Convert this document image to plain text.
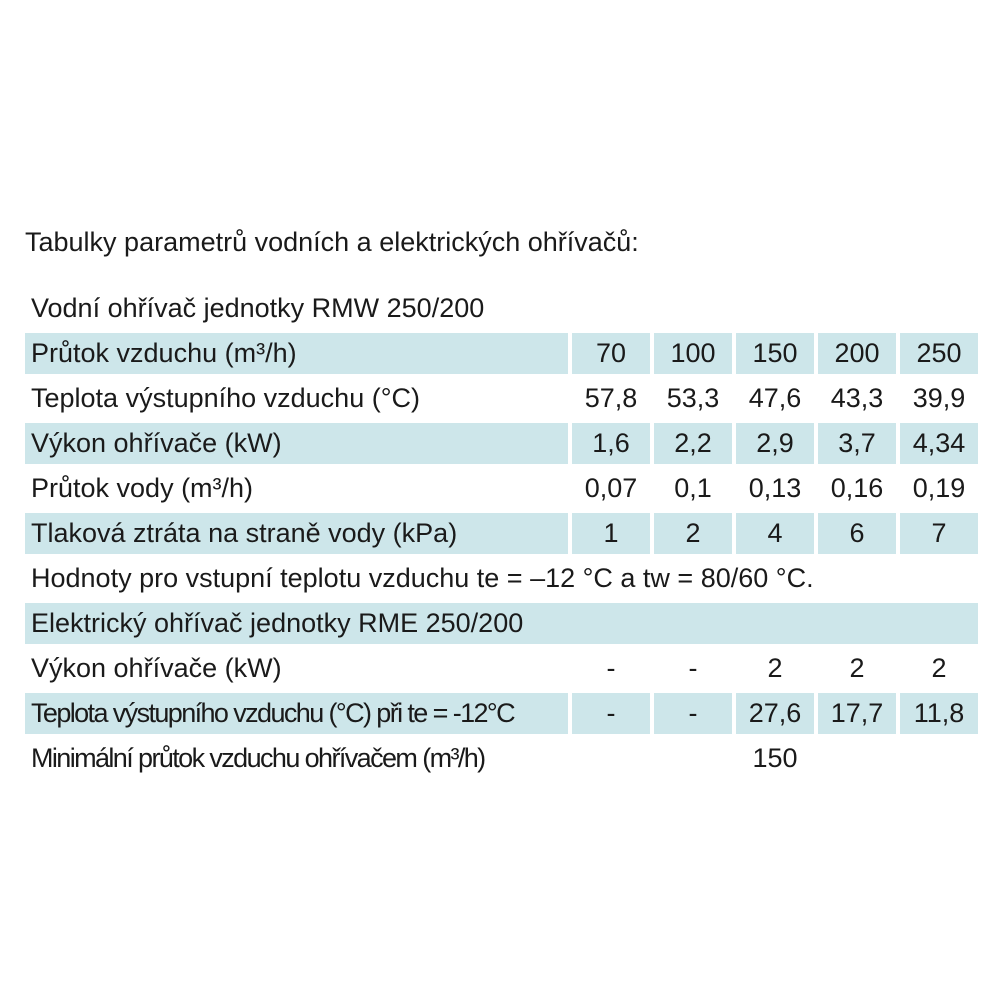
Tabulky parametrů vodních a elektrických ohřívačů:
Vodní ohřívač jednotky RMW 250/200
Průtok vzduchu (m³/h)	70	100	150	200	250
Teplota výstupního vzduchu (°C)	57,8	53,3	47,6	43,3	39,9
Výkon ohřívače (kW)	1,6	2,2	2,9	3,7	4,34
Průtok vody (m³/h)	0,07	0,1	0,13	0,16	0,19
Tlaková ztráta na straně vody (kPa)	1	2	4	6	7
Hodnoty pro vstupní teplotu vzduchu te = –12 °C a tw = 80/60 °C.
Elektrický ohřívač jednotky RME 250/200
Výkon ohřívače (kW)	-	-	2	2	2
Teplota výstupního vzduchu (°C) při te = -12°C	-	-	27,6	17,7	11,8
Minimální průtok vzduchu ohřívačem (m³/h)	150
